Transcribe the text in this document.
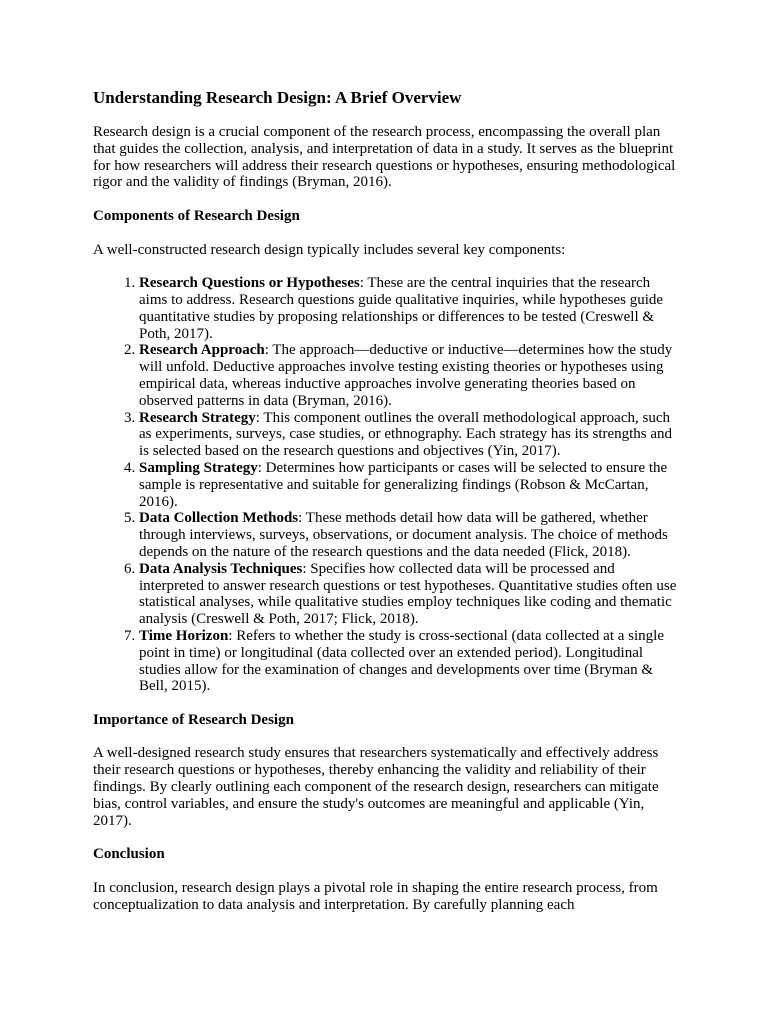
Understanding Research Design: A Brief Overview

Research design is a crucial component of the research process, encompassing the overall plan that guides the collection, analysis, and interpretation of data in a study. It serves as the blueprint for how researchers will address their research questions or hypotheses, ensuring methodological rigor and the validity of findings (Bryman, 2016).

Components of Research Design

A well-constructed research design typically includes several key components:

1. Research Questions or Hypotheses: These are the central inquiries that the research aims to address. Research questions guide qualitative inquiries, while hypotheses guide quantitative studies by proposing relationships or differences to be tested (Creswell & Poth, 2017).
2. Research Approach: The approach—deductive or inductive—determines how the study will unfold. Deductive approaches involve testing existing theories or hypotheses using empirical data, whereas inductive approaches involve generating theories based on observed patterns in data (Bryman, 2016).
3. Research Strategy: This component outlines the overall methodological approach, such as experiments, surveys, case studies, or ethnography. Each strategy has its strengths and is selected based on the research questions and objectives (Yin, 2017).
4. Sampling Strategy: Determines how participants or cases will be selected to ensure the sample is representative and suitable for generalizing findings (Robson & McCartan, 2016).
5. Data Collection Methods: These methods detail how data will be gathered, whether through interviews, surveys, observations, or document analysis. The choice of methods depends on the nature of the research questions and the data needed (Flick, 2018).
6. Data Analysis Techniques: Specifies how collected data will be processed and interpreted to answer research questions or test hypotheses. Quantitative studies often use statistical analyses, while qualitative studies employ techniques like coding and thematic analysis (Creswell & Poth, 2017; Flick, 2018).
7. Time Horizon: Refers to whether the study is cross-sectional (data collected at a single point in time) or longitudinal (data collected over an extended period). Longitudinal studies allow for the examination of changes and developments over time (Bryman & Bell, 2015).
Importance of Research Design

A well-designed research study ensures that researchers systematically and effectively address their research questions or hypotheses, thereby enhancing the validity and reliability of their findings. By clearly outlining each component of the research design, researchers can mitigate bias, control variables, and ensure the study's outcomes are meaningful and applicable (Yin, 2017).

Conclusion

In conclusion, research design plays a pivotal role in shaping the entire research process, from conceptualization to data analysis and interpretation. By carefully planning each
